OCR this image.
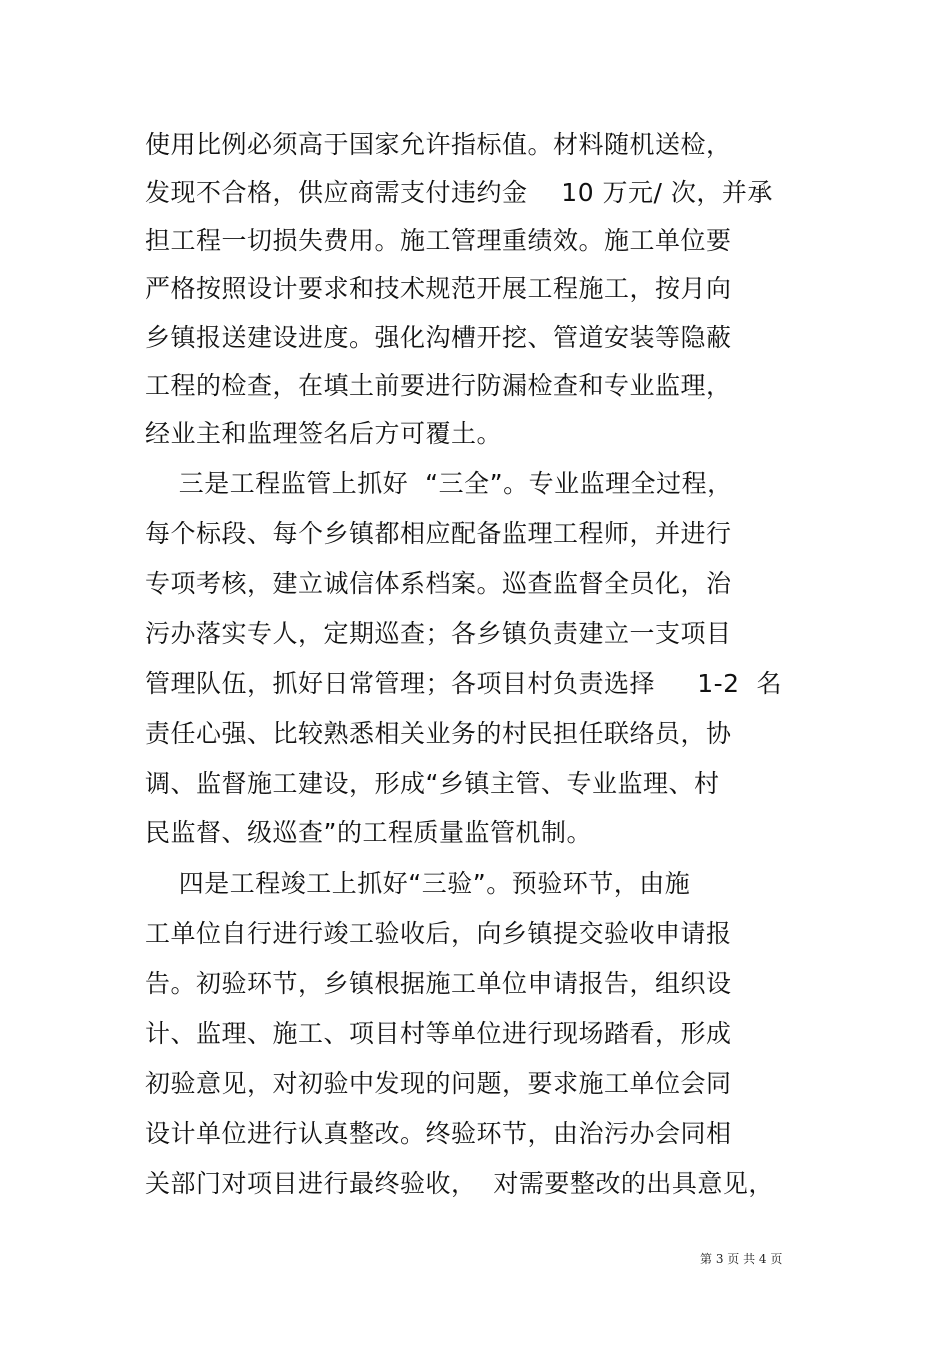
使用比例必须高于国家允许指标值。材料随机送检，
发现不合格，供应商需支付违约金    10 万元/ 次，并承
担工程一切损失费用。施工管理重绩效。施工单位要
严格按照设计要求和技术规范开展工程施工，按月向
乡镇报送建设进度。强化沟槽开挖、管道安装等隐蔽
工程的检查，在填土前要进行防漏检查和专业监理，
经业主和监理签名后方可覆土。
三是工程监管上抓好  “三全”。专业监理全过程，
每个标段、每个乡镇都相应配备监理工程师，并进行
专项考核，建立诚信体系档案。巡查监督全员化，治
污办落实专人，定期巡查；各乡镇负责建立一支项目
管理队伍，抓好日常管理；各项目村负责选择     1-2  名
责任心强、比较熟悉相关业务的村民担任联络员，协
调、监督施工建设，形成“乡镇主管、专业监理、村
民监督、级巡查”的工程质量监管机制。
四是工程竣工上抓好“三验”。预验环节，由施
工单位自行进行竣工验收后，向乡镇提交验收申请报
告。初验环节，乡镇根据施工单位申请报告，组织设
计、监理、施工、项目村等单位进行现场踏看，形成
初验意见，对初验中发现的问题，要求施工单位会同
设计单位进行认真整改。终验环节，由治污办会同相
关部门对项目进行最终验收，  对需要整改的出具意见，
第 3 页 共 4 页
